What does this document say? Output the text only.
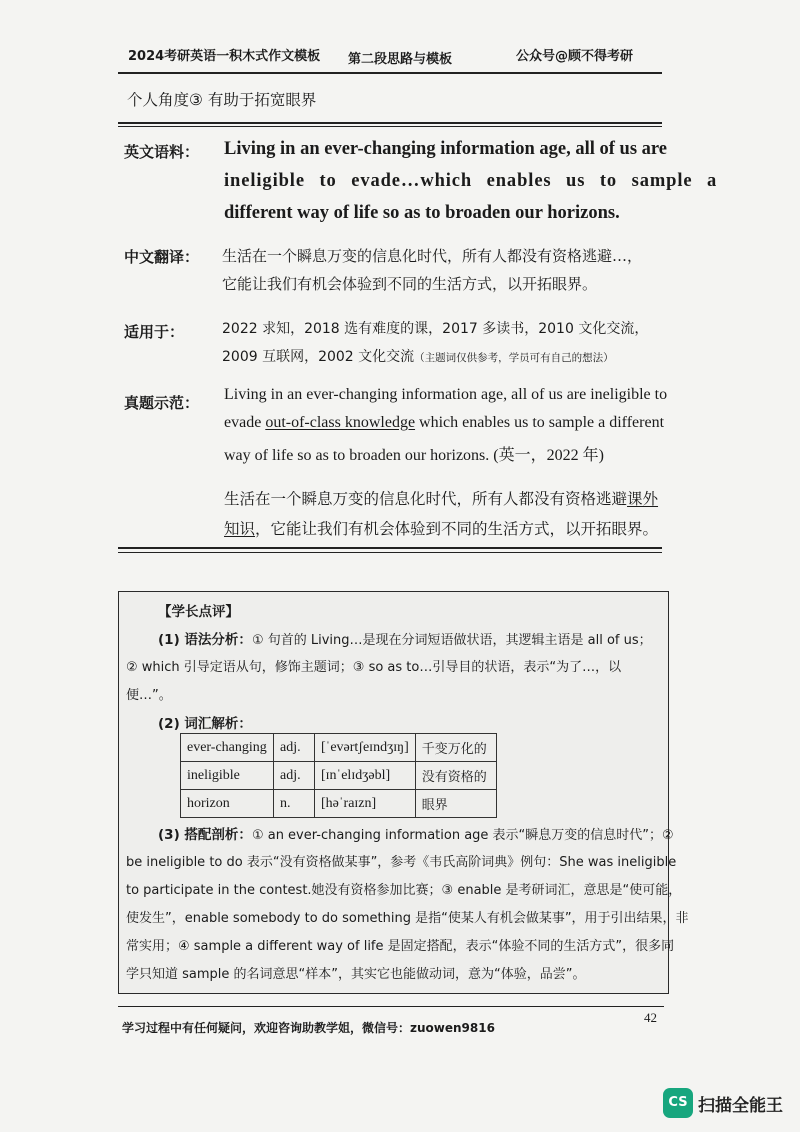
2024考研英语一积木式作文模板 第二段思路与模板	公众号@顾不得考研
个人角度③ 有助于拓宽眼界
英文语料： Living in an ever-changing information age, all of us are
ineligible to evade…which enables us to sample a
different way of life so as to broaden our horizons.
中文翻译： 生活在一个瞬息万变的信息化时代，所有人都没有资格逃避…，
它能让我们有机会体验到不同的生活方式，以开拓眼界。
适用于：	2022 求知，2018 选有难度的课，2017 多读书，2010 文化交流，
2009 互联网，2002 文化交流（主题词仅供参考，学员可有自己的想法）
真题示范： Living in an ever-changing information age, all of us are ineligible to
evade out-of-class knowledge which enables us to sample a different
way of life so as to broaden our horizons. (英一，2022 年)
生活在一个瞬息万变的信息化时代，所有人都没有资格逃避课外
知识，它能让我们有机会体验到不同的生活方式，以开拓眼界。
【学长点评】
(1) 语法分析：① 句首的 Living…是现在分词短语做状语，其逻辑主语是 all of us；
② which 引导定语从句，修饰主题词；③ so as to…引导目的状语，表示“为了…，以
便…”。
(2) 词汇解析：
ever-changing	adj.	[ˈevərtʃeɪndʒɪŋ]	千变万化的
ineligible	adj.	[ɪnˈelɪdʒəbl]	没有资格的
horizon	n.	[həˈraɪzn]	眼界
(3) 搭配剖析：① an ever-changing information age 表示“瞬息万变的信息时代”；②
be ineligible to do 表示“没有资格做某事”，参考《韦氏高阶词典》例句：She was ineligible
to participate in the contest.她没有资格参加比赛；③ enable 是考研词汇，意思是“使可能，
使发生”，enable somebody to do something 是指“使某人有机会做某事”，用于引出结果，非
常实用；④ sample a different way of life 是固定搭配，表示“体验不同的生活方式”，很多同
学只知道 sample 的名词意思“样本”，其实它也能做动词，意为“体验，品尝”。
42
学习过程中有任何疑问，欢迎咨询助教学姐，微信号：zuowen9816
CS 扫描全能王
